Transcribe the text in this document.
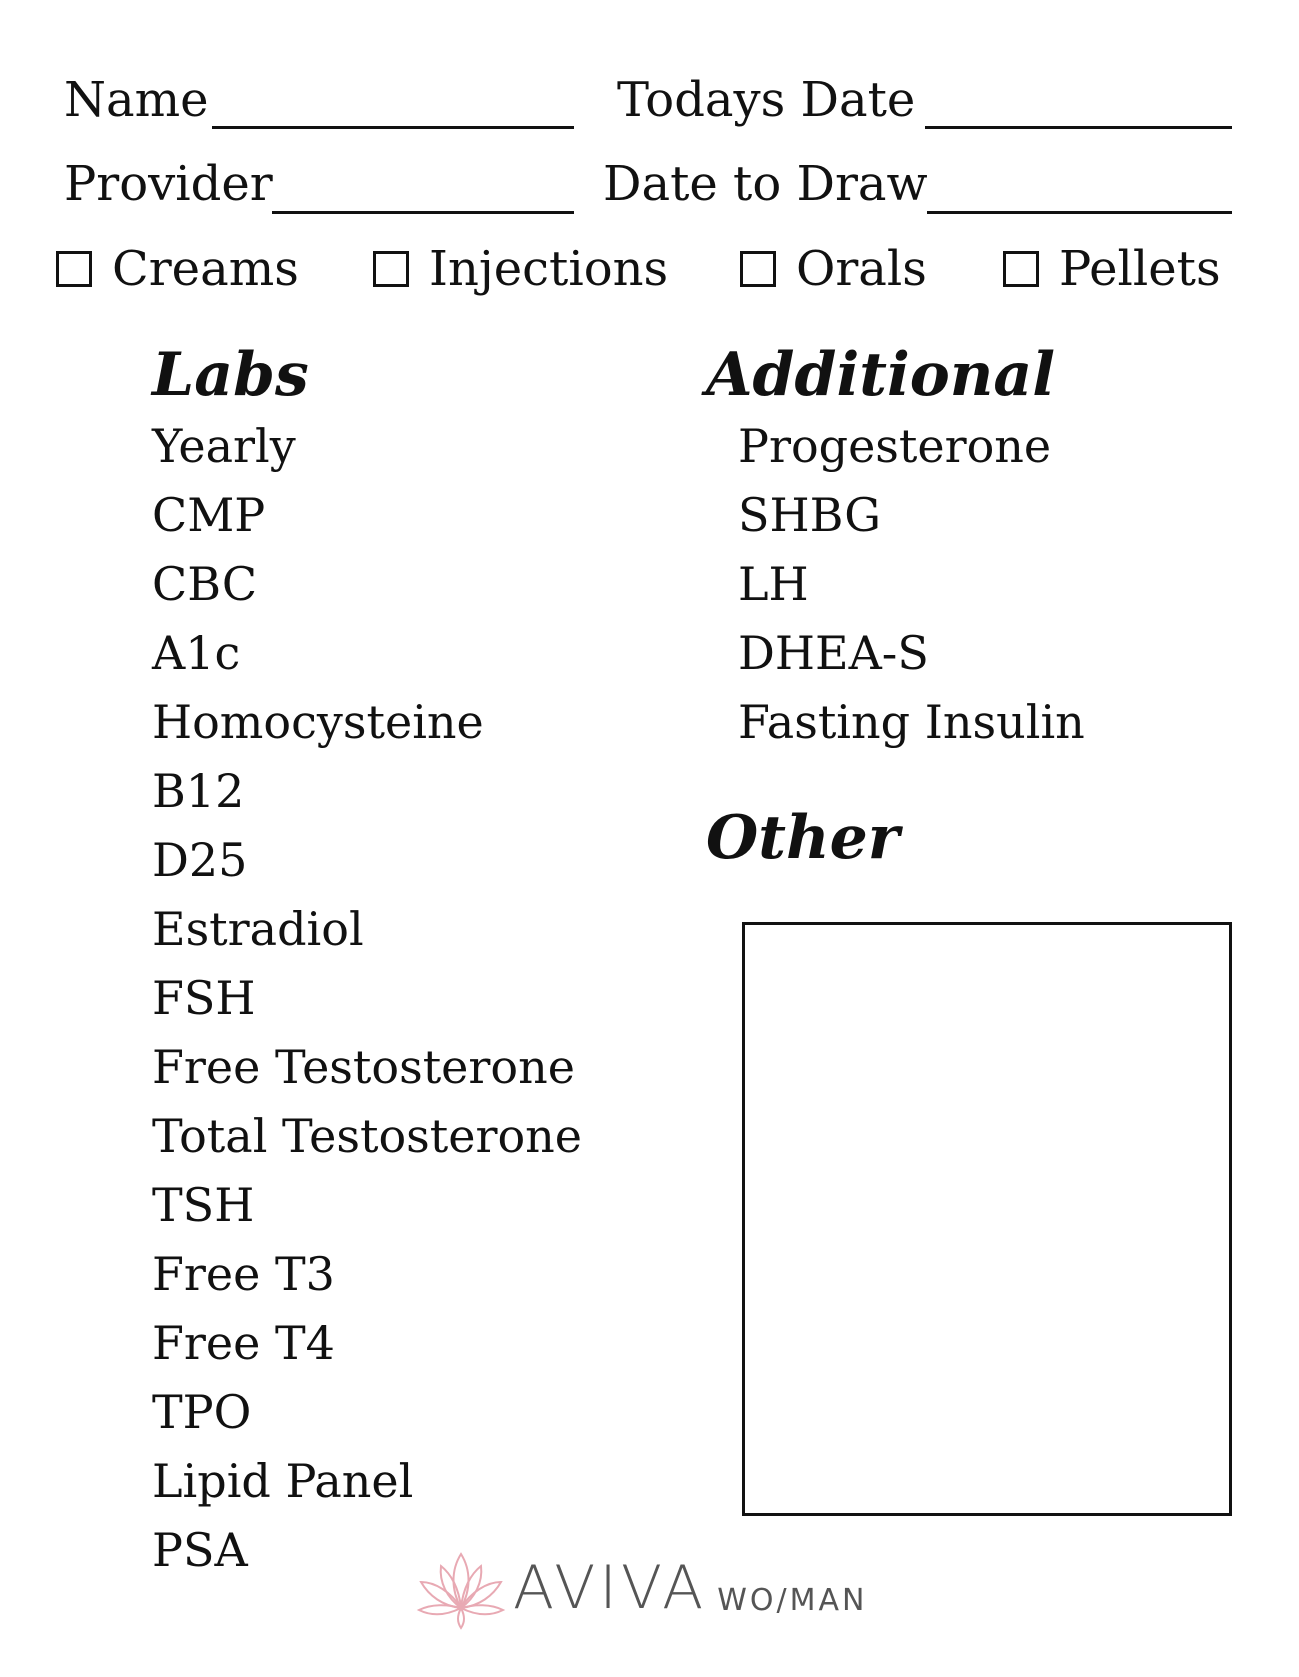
Name	Todays Date
Provider	Date to Draw
Creams	Injections	Orals	Pellets
Labs
Yearly
CMP
CBC
A1c
Homocysteine
B12
D25
Estradiol
FSH
Free Testosterone
Total Testosterone
TSH
Free T3
Free T4
TPO
Lipid Panel
PSA
Additional
Progesterone
SHBG
LH
DHEA-S
Fasting Insulin
Other
AVIVA WO/MAN
